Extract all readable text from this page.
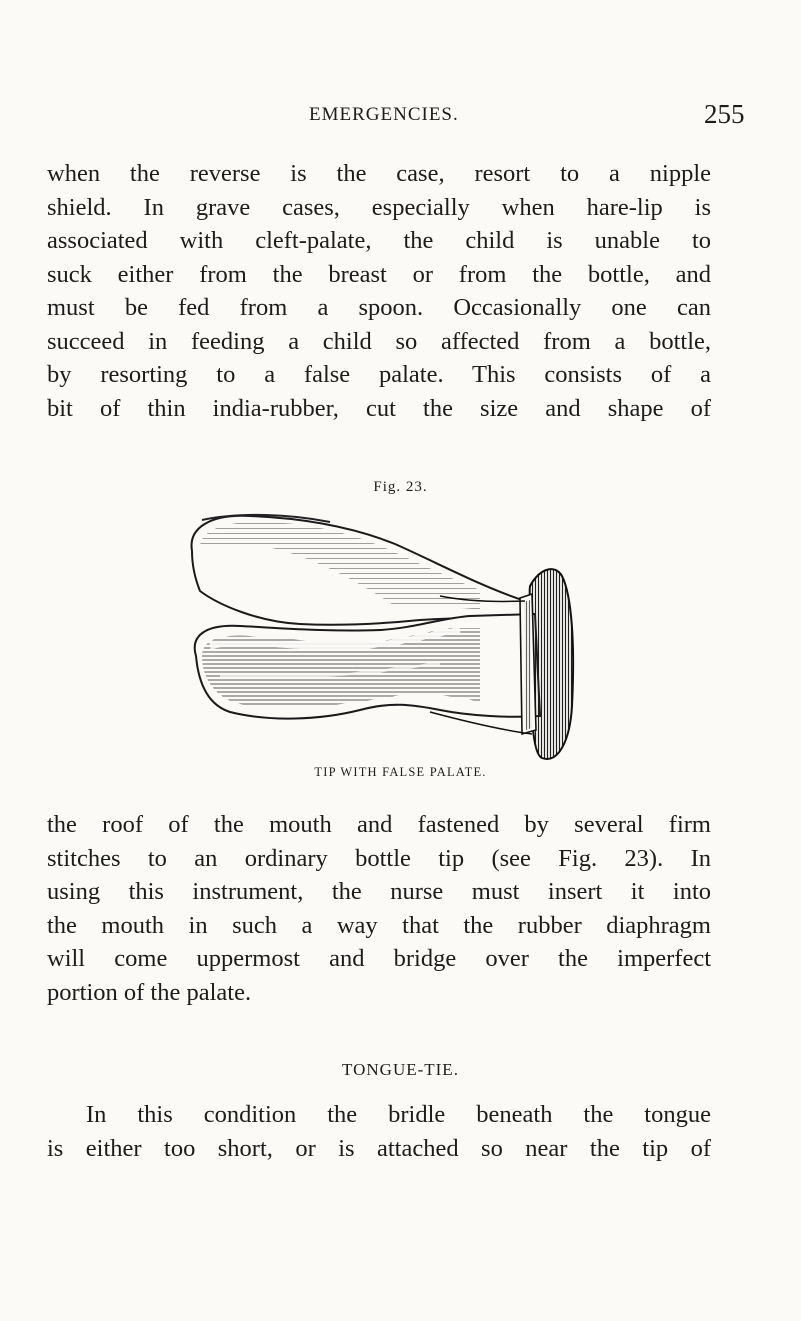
EMERGENCIES.	255
when the reverse is the case, resort to a nipple
shield. In grave cases, especially when hare-lip is
associated with cleft-palate, the child is unable to
suck either from the breast or from the bottle, and
must be fed from a spoon. Occasionally one can
succeed in feeding a child so affected from a bottle,
by resorting to a false palate. This consists of a
bit of thin india-rubber, cut the size and shape of
Fig. 23.
TIP WITH FALSE PALATE.
the roof of the mouth and fastened by several firm
stitches to an ordinary bottle tip (see Fig. 23). In
using this instrument, the nurse must insert it into
the mouth in such a way that the rubber diaphragm
will come uppermost and bridge over the imperfect
portion of the palate.
TONGUE-TIE.
In this condition the bridle beneath the tongue
is either too short, or is attached so near the tip of
